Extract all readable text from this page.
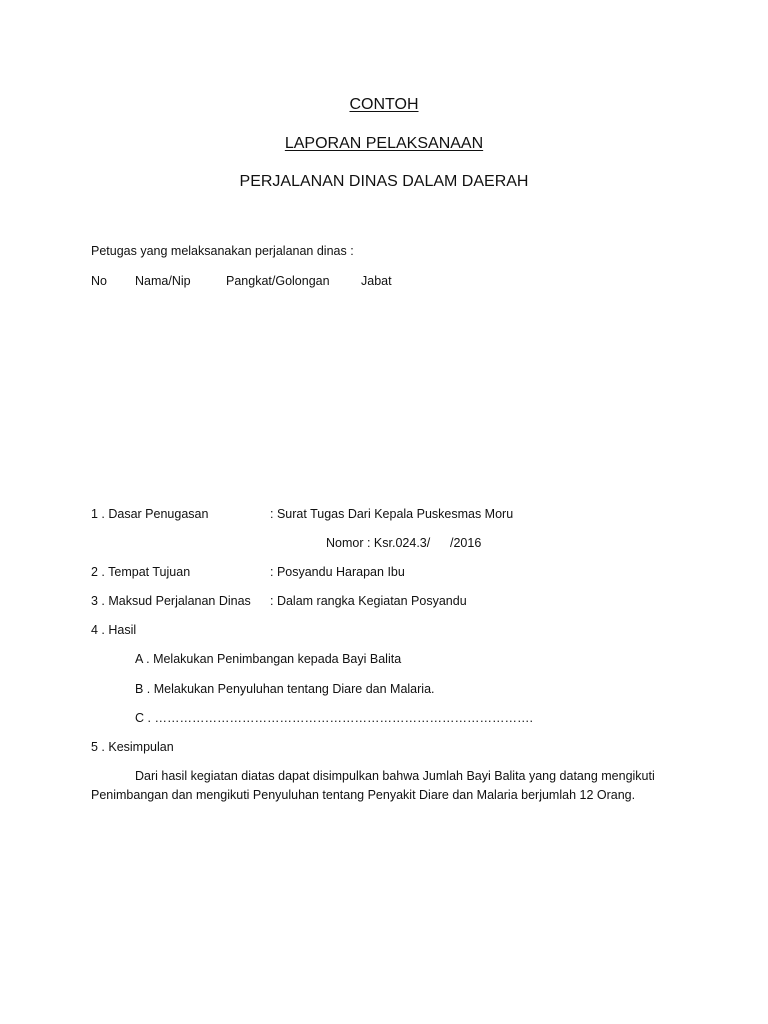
CONTOH
LAPORAN PELAKSANAAN
PERJALANAN DINAS DALAM DAERAH
Petugas yang melaksanakan perjalanan dinas :
No Nama/Nip	Pangkat/Golongan	Jabat
1 . Dasar Penugasan	: Surat Tugas Dari Kepala Puskesmas Moru
Nomor : Ksr.024.3/ /2016
2 . Tempat Tujuan	: Posyandu Harapan Ibu
3 . Maksud Perjalanan Dinas : Dalam rangka Kegiatan Posyandu
4 . Hasil
A . Melakukan Penimbangan kepada Bayi Balita
B . Melakukan Penyuluhan tentang Diare dan Malaria.
C . ……………………………………………………………………………….
5 . Kesimpulan
Dari hasil kegiatan diatas dapat disimpulkan bahwa Jumlah Bayi Balita yang datang mengikuti
Penimbangan dan mengikuti Penyuluhan tentang Penyakit Diare dan Malaria berjumlah 12 Orang.
